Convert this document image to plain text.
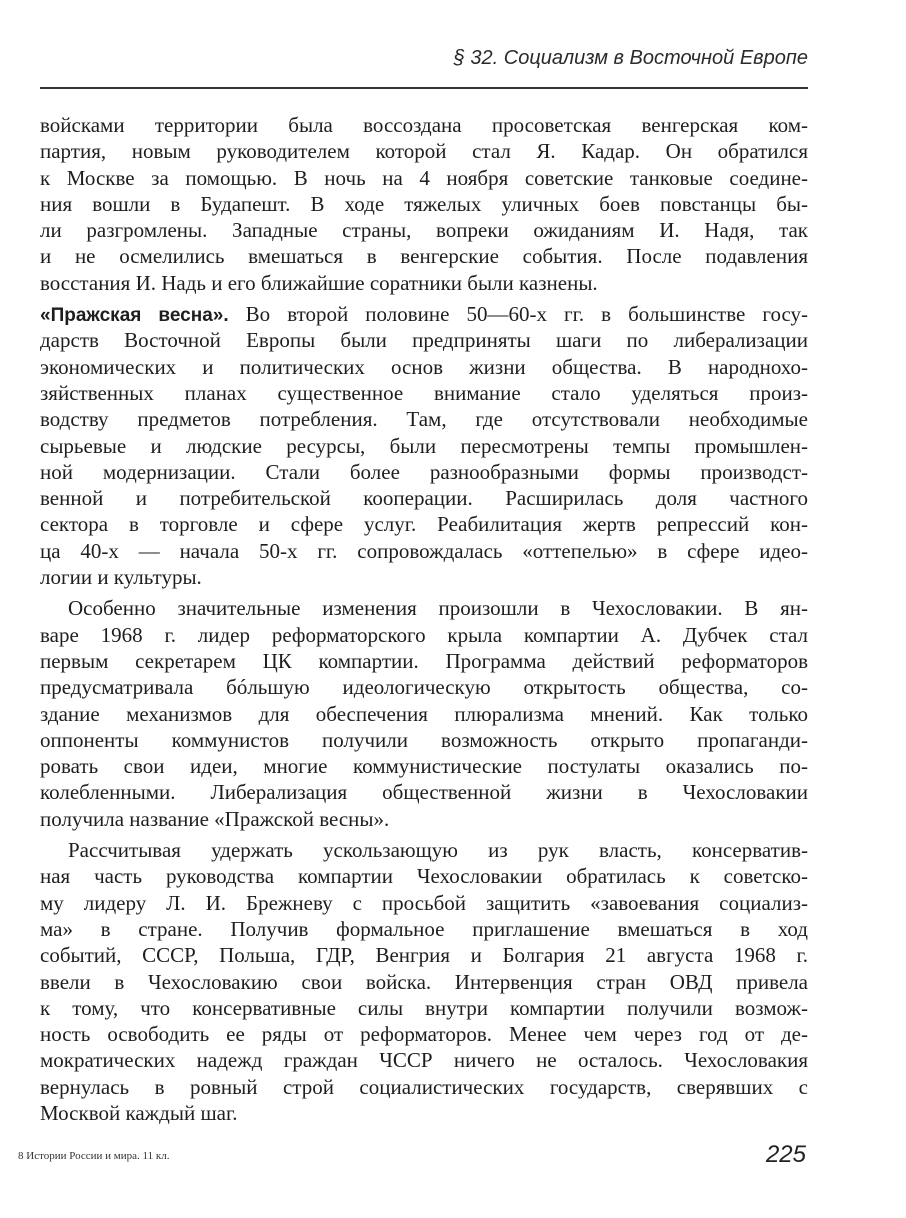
§ 32. Социализм в Восточной Европе

войсками территории была воссоздана просоветская венгерская ком-
партия, новым руководителем которой стал Я. Кадар. Он обратился
к Москве за помощью. В ночь на 4 ноября советские танковые соедине-
ния вошли в Будапешт. В ходе тяжелых уличных боев повстанцы бы-
ли разгромлены. Западные страны, вопреки ожиданиям И. Надя, так
и не осмелились вмешаться в венгерские события. После подавления
восстания И. Надь и его ближайшие соратники были казнены.

«Пражская весна». Во второй половине 50—60-х гг. в большинстве госу-
дарств Восточной Европы были предприняты шаги по либерализации
экономических и политических основ жизни общества. В народнохо-
зяйственных планах существенное внимание стало уделяться произ-
водству предметов потребления. Там, где отсутствовали необходимые
сырьевые и людские ресурсы, были пересмотрены темпы промышлен-
ной модернизации. Стали более разнообразными формы производст-
венной и потребительской кооперации. Расширилась доля частного
сектора в торговле и сфере услуг. Реабилитация жертв репрессий кон-
ца 40-х — начала 50-х гг. сопровождалась «оттепелью» в сфере идео-
логии и культуры.

Особенно значительные изменения произошли в Чехословакии. В ян-
варе 1968 г. лидер реформаторского крыла компартии А. Дубчек стал
первым секретарем ЦК компартии. Программа действий реформаторов
предусматривала бóльшую идеологическую открытость общества, со-
здание механизмов для обеспечения плюрализма мнений. Как только
оппоненты коммунистов получили возможность открыто пропаганди-
ровать свои идеи, многие коммунистические постулаты оказались по-
колебленными. Либерализация общественной жизни в Чехословакии
получила название «Пражской весны».

Рассчитывая удержать ускользающую из рук власть, консерватив-
ная часть руководства компартии Чехословакии обратилась к советско-
му лидеру Л. И. Брежневу с просьбой защитить «завоевания социализ-
ма» в стране. Получив формальное приглашение вмешаться в ход
событий, СССР, Польша, ГДР, Венгрия и Болгария 21 августа 1968 г.
ввели в Чехословакию свои войска. Интервенция стран ОВД привела
к тому, что консервативные силы внутри компартии получили возмож-
ность освободить ее ряды от реформаторов. Менее чем через год от де-
мократических надежд граждан ЧССР ничего не осталось. Чехословакия
вернулась в ровный строй социалистических государств, сверявших с
Москвой каждый шаг.

8 Истории России и мира. 11 кл.	225
